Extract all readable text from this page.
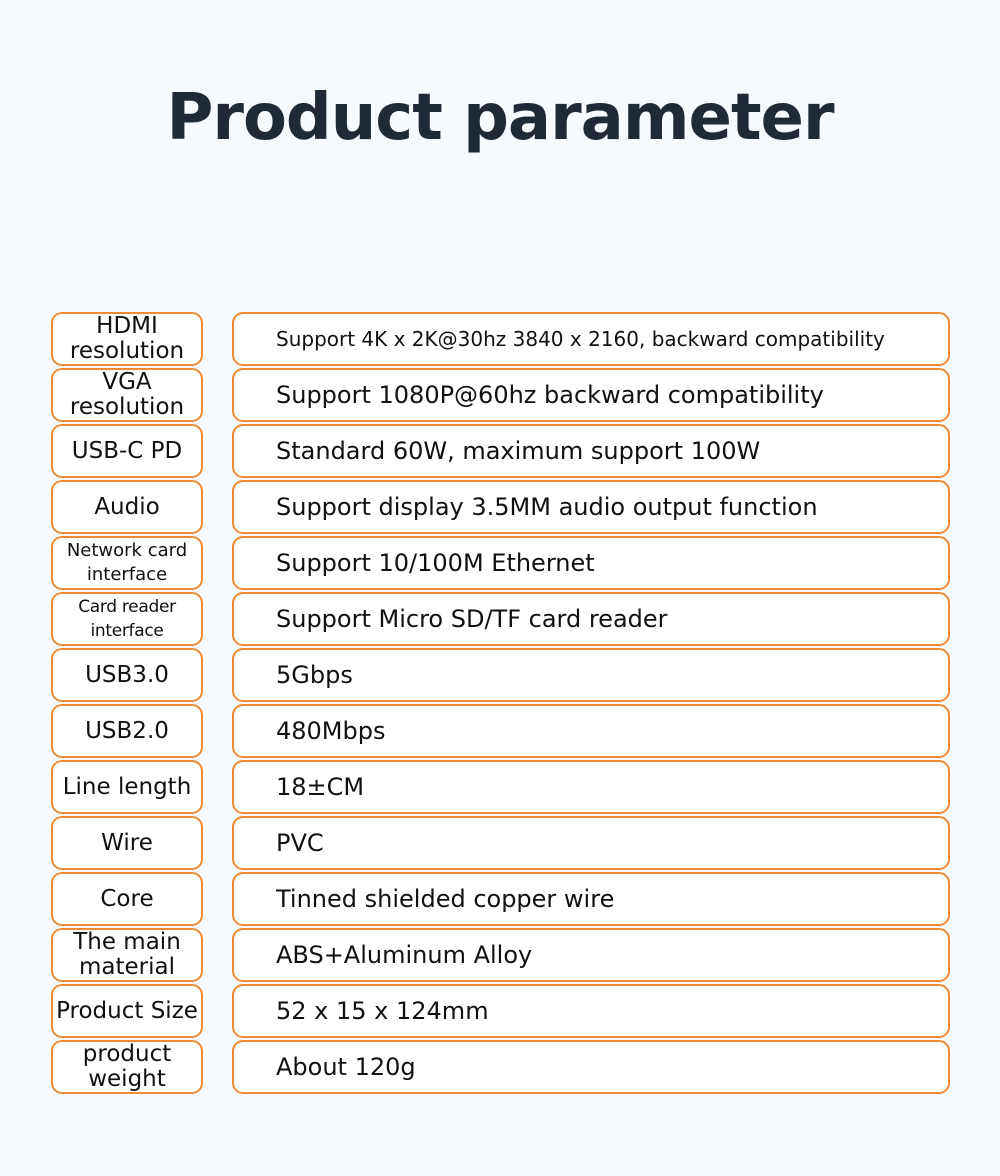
Product parameter
HDMI resolution	Support 4K x 2K@30hz 3840 x 2160, backward compatibility
VGA resolution	Support 1080P@60hz backward compatibility
USB-C PD	Standard 60W, maximum support 100W
Audio	Support display 3.5MM audio output function
Network card interface	Support 10/100M Ethernet
Card reader interface	Support Micro SD/TF card reader
USB3.0	5Gbps
USB2.0	480Mbps
Line length	18±CM
Wire	PVC
Core	Tinned shielded copper wire
The main material	ABS+Aluminum Alloy
Product Size	52 x 15 x 124mm
product weight	About 120g
